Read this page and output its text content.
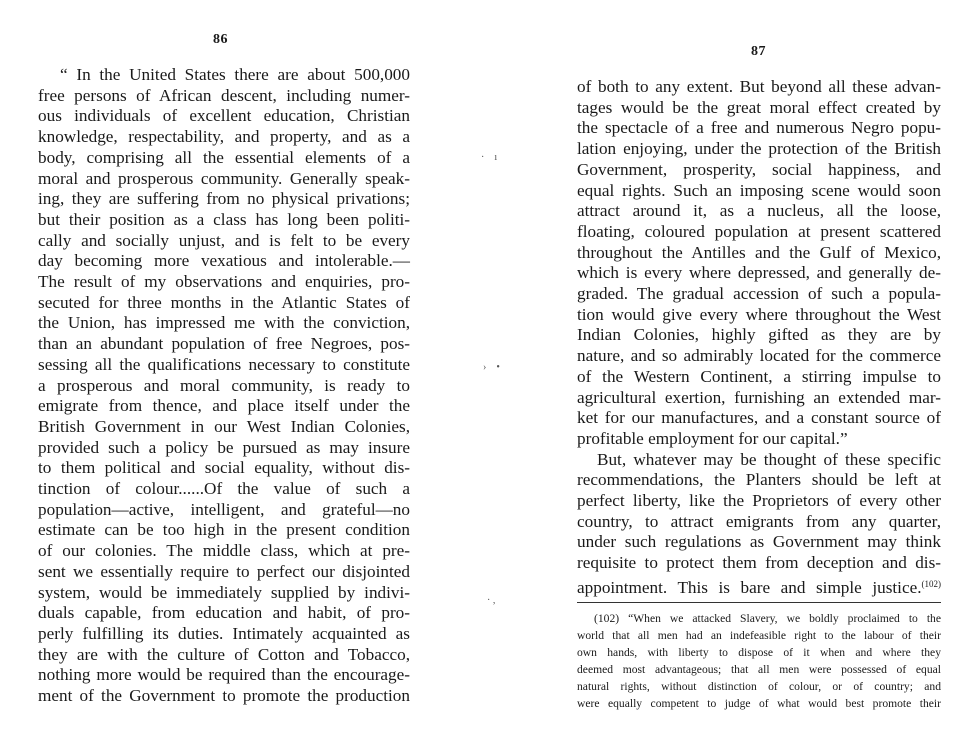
86
“ In the United States there are about 500,000
free persons of African descent, including numer-
ous individuals of excellent education, Christian
knowledge, respectability, and property, and as a
body, comprising all the essential elements of a
moral and prosperous community. Generally speak-
ing, they are suffering from no physical privations;
but their position as a class has long been politi-
cally and socially unjust, and is felt to be every
day becoming more vexatious and intolerable.—
The result of my observations and enquiries, pro-
secuted for three months in the Atlantic States of
the Union, has impressed me with the conviction,
than an abundant population of free Negroes, pos-
sessing all the qualifications necessary to constitute
a prosperous and moral community, is ready to
emigrate from thence, and place itself under the
British Government in our West Indian Colonies,
provided such a policy be pursued as may insure
to them political and social equality, without dis-
tinction of colour......Of the value of such a
population—active, intelligent, and grateful—no
estimate can be too high in the present condition
of our colonies. The middle class, which at pre-
sent we essentially require to perfect our disjointed
system, would be immediately supplied by indivi-
duals capable, from education and habit, of pro-
perly fulfilling its duties. Intimately acquainted as
they are with the culture of Cotton and Tobacco,
nothing more would be required than the encourage-
ment of the Government to promote the production
·    ı
›    •
· ,
87
of both to any extent. But beyond all these advan-
tages would be the great moral effect created by
the spectacle of a free and numerous Negro popu-
lation enjoying, under the protection of the British
Government, prosperity, social happiness, and
equal rights. Such an imposing scene would soon
attract around it, as a nucleus, all the loose,
floating, coloured population at present scattered
throughout the Antilles and the Gulf of Mexico,
which is every where depressed, and generally de-
graded. The gradual accession of such a popula-
tion would give every where throughout the West
Indian Colonies, highly gifted as they are by
nature, and so admirably located for the commerce
of the Western Continent, a stirring impulse to
agricultural exertion, furnishing an extended mar-
ket for our manufactures, and a constant source of
profitable employment for our capital.”
But, whatever may be thought of these specific
recommendations, the Planters should be left at
perfect liberty, like the Proprietors of every other
country, to attract emigrants from any quarter,
under such regulations as Government may think
requisite to protect them from deception and dis-
appointment. This is bare and simple justice.$^{(102)}$
(102) “When we attacked Slavery, we boldly proclaimed to the
world that all men had an indefeasible right to the labour of their
own hands, with liberty to dispose of it when and where they
deemed most advantageous; that all men were possessed of equal
natural rights, without distinction of colour, or of country; and
were equally competent to judge of what would best promote their
